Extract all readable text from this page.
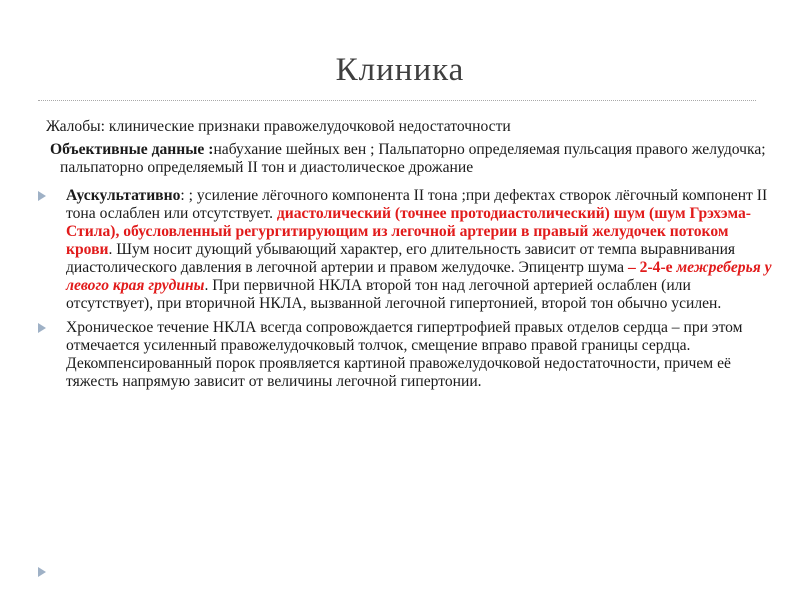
Клиника
Жалобы: клинические признаки правожелудочковой недостаточности
Объективные данные :набухание шейных вен ; Пальпаторно определяемая пульсация правого желудочка; пальпаторно определяемый II тон и диастолическое дрожание
Аускультативно: ; усиление лёгочного компонента II тона ;при дефектах створок лёгочный компонент II тона ослаблен или отсутствует. диастолический (точнее протодиастолический) шум (шум Грэхэма-Стила), обусловленный регургитирующим из легочной артерии в правый желудочек потоком крови. Шум носит дующий убывающий характер, его длительность зависит от темпа выравнивания диастолического давления в легочной артерии и правом желудочке. Эпицентр шума – 2-4-е межреберья у левого края грудины. При первичной НКЛА второй тон над легочной артерией ослаблен (или отсутствует), при вторичной НКЛА, вызванной легочной гипертонией, второй тон обычно усилен.
Хроническое течение НКЛА всегда сопровождается гипертрофией правых отделов сердца – при этом отмечается усиленный правожелудочковый толчок, смещение вправо правой границы сердца. Декомпенсированный порок проявляется картиной правожелудочковой недостаточности, причем её тяжесть напрямую зависит от величины легочной гипертонии.
